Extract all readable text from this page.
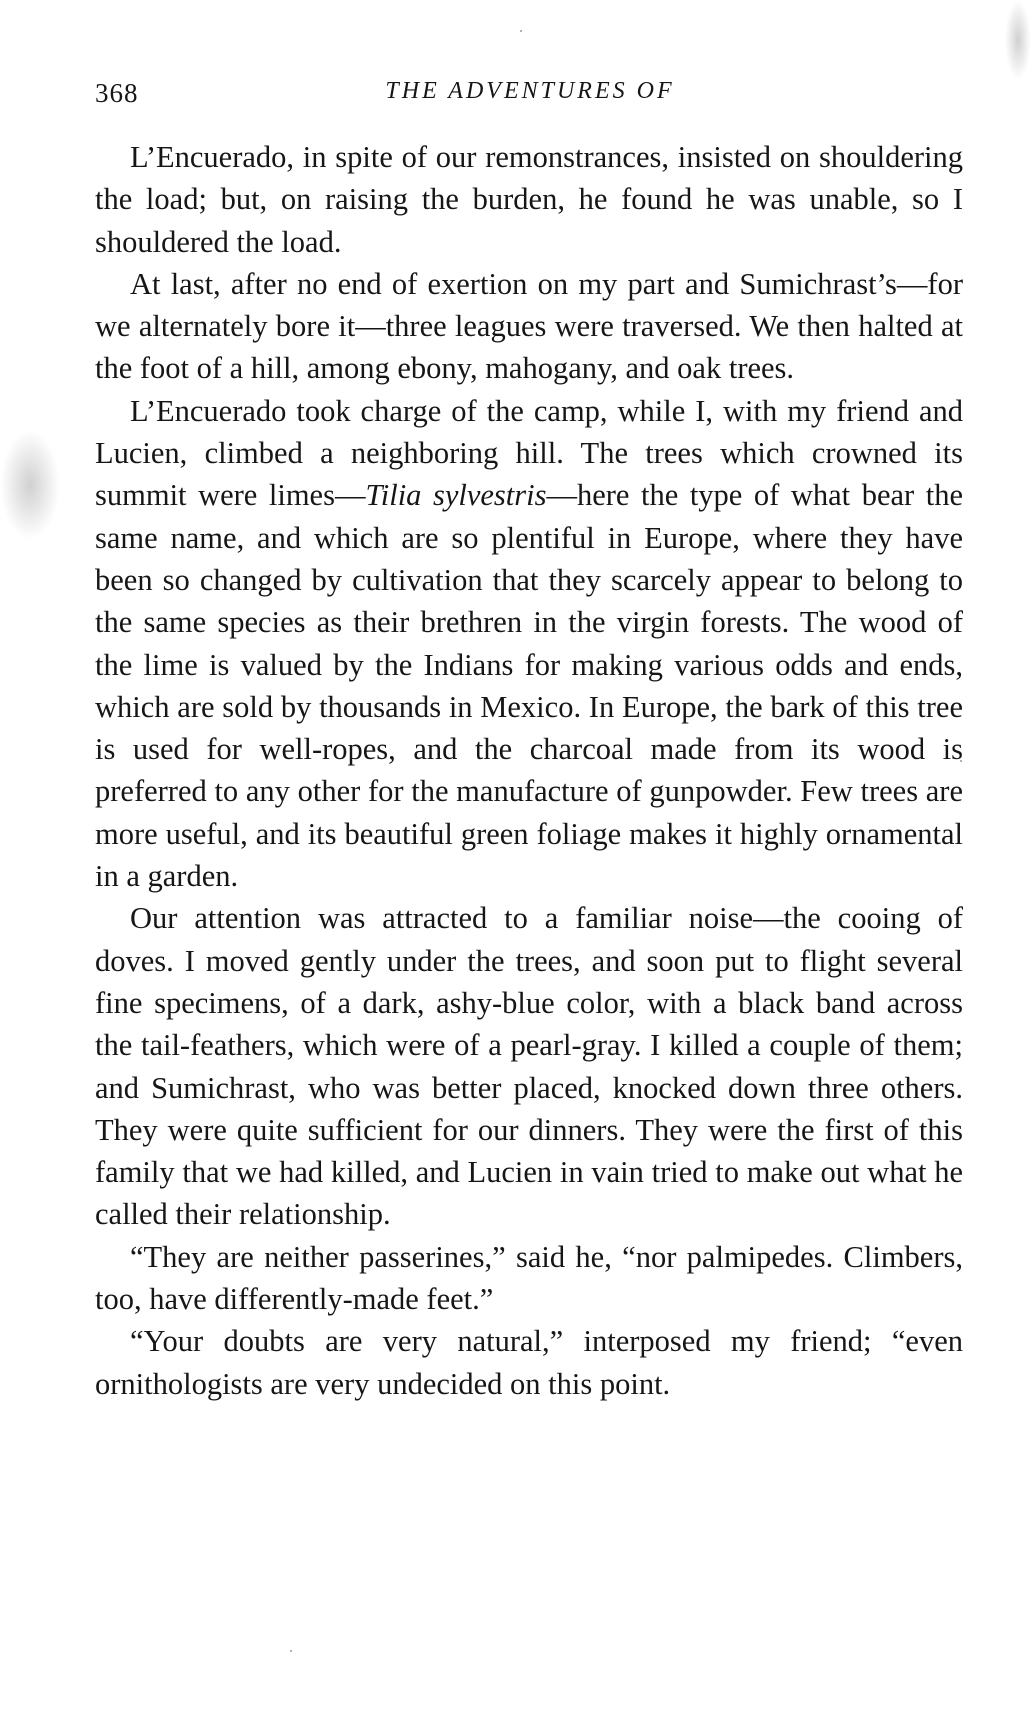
368	THE ADVENTURES OF

L’Encuerado, in spite of our remonstrances, insisted on shouldering the load; but, on raising the burden, he found he was unable, so I shouldered the load.

At last, after no end of exertion on my part and Sumichrast’s—for we alternately bore it—three leagues were traversed. We then halted at the foot of a hill, among ebony, mahogany, and oak trees.

L’Encuerado took charge of the camp, while I, with my friend and Lucien, climbed a neighboring hill. The trees which crowned its summit were limes—Tilia sylvestris—here the type of what bear the same name, and which are so plentiful in Europe, where they have been so changed by cultivation that they scarcely appear to belong to the same species as their brethren in the virgin forests. The wood of the lime is valued by the Indians for making various odds and ends, which are sold by thousands in Mexico. In Europe, the bark of this tree is used for well-ropes, and the charcoal made from its wood is preferred to any other for the manufacture of gunpowder. Few trees are more useful, and its beautiful green foliage makes it highly ornamental in a garden.

Our attention was attracted to a familiar noise—the cooing of doves. I moved gently under the trees, and soon put to flight several fine specimens, of a dark, ashy-blue color, with a black band across the tail-feathers, which were of a pearl-gray. I killed a couple of them; and Sumichrast, who was better placed, knocked down three others. They were quite sufficient for our dinners. They were the first of this family that we had killed, and Lucien in vain tried to make out what he called their relationship.

“They are neither passerines,” said he, “nor palmipedes. Climbers, too, have differently-made feet.”

“Your doubts are very natural,” interposed my friend; “even ornithologists are very undecided on this point.
